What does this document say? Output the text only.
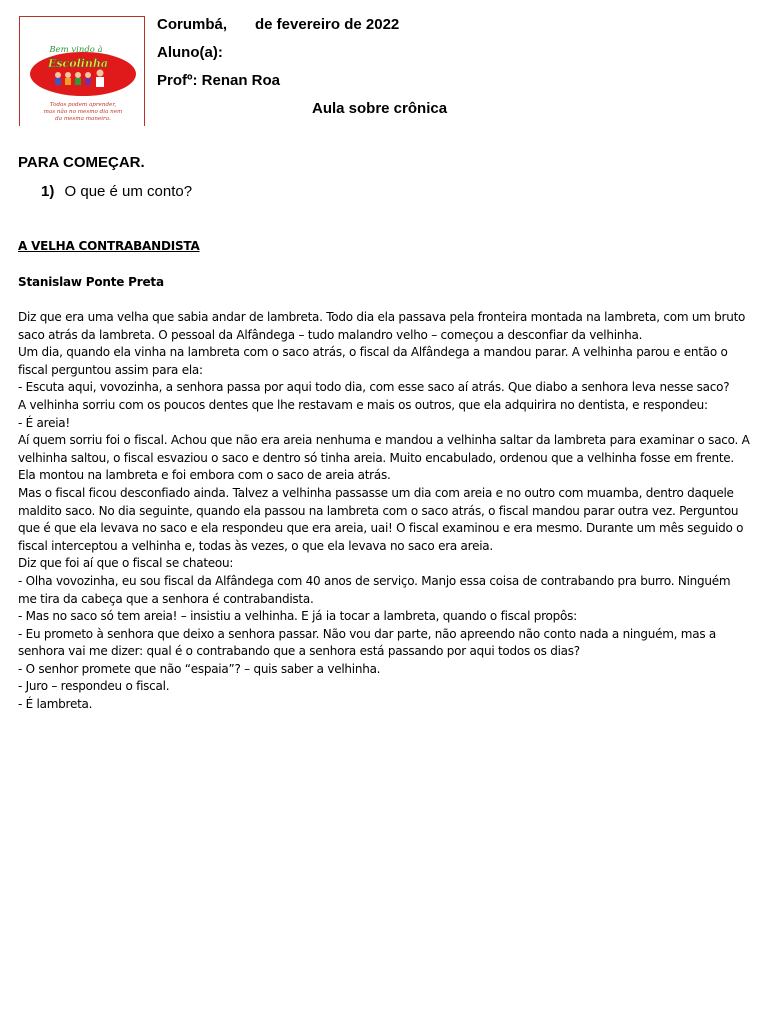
Bem vindo à
Escolinha
Todos podem aprender,
mas não no mesmo dia nem
da mesma maneira.
Corumbá, de fevereiro de 2022
Aluno(a):
Profº: Renan Roa
Aula sobre crônica
PARA COMEÇAR.
1) O que é um conto?
A VELHA CONTRABANDISTA
Stanislaw Ponte Preta

Diz que era uma velha que sabia andar de lambreta. Todo dia ela passava pela fronteira montada na lambreta, com um bruto saco atrás da lambreta. O pessoal da Alfândega – tudo malandro velho – começou a desconfiar da velhinha.

Um dia, quando ela vinha na lambreta com o saco atrás, o fiscal da Alfândega a mandou parar. A velhinha parou e então o fiscal perguntou assim para ela:

- Escuta aqui, vovozinha, a senhora passa por aqui todo dia, com esse saco aí atrás. Que diabo a senhora leva nesse saco?

A velhinha sorriu com os poucos dentes que lhe restavam e mais os outros, que ela adquirira no dentista, e respondeu:

- É areia!

Aí quem sorriu foi o fiscal. Achou que não era areia nenhuma e mandou a velhinha saltar da lambreta para examinar o saco. A velhinha saltou, o fiscal esvaziou o saco e dentro só tinha areia. Muito encabulado, ordenou que a velhinha fosse em frente. Ela montou na lambreta e foi embora com o saco de areia atrás.

Mas o fiscal ficou desconfiado ainda. Talvez a velhinha passasse um dia com areia e no outro com muamba, dentro daquele maldito saco. No dia seguinte, quando ela passou na lambreta com o saco atrás, o fiscal mandou parar outra vez. Perguntou que é que ela levava no saco e ela respondeu que era areia, uai! O fiscal examinou e era mesmo. Durante um mês seguido o fiscal interceptou a velhinha e, todas às vezes, o que ela levava no saco era areia.

Diz que foi aí que o fiscal se chateou:

- Olha vovozinha, eu sou fiscal da Alfândega com 40 anos de serviço. Manjo essa coisa de contrabando pra burro. Ninguém me tira da cabeça que a senhora é contrabandista.

- Mas no saco só tem areia! – insistiu a velhinha. E já ia tocar a lambreta, quando o fiscal propôs:

- Eu prometo à senhora que deixo a senhora passar. Não vou dar parte, não apreendo não conto nada a ninguém, mas a senhora vai me dizer: qual é o contrabando que a senhora está passando por aqui todos os dias?

- O senhor promete que não “espaia”? – quis saber a velhinha.

- Juro – respondeu o fiscal.

- É lambreta.
